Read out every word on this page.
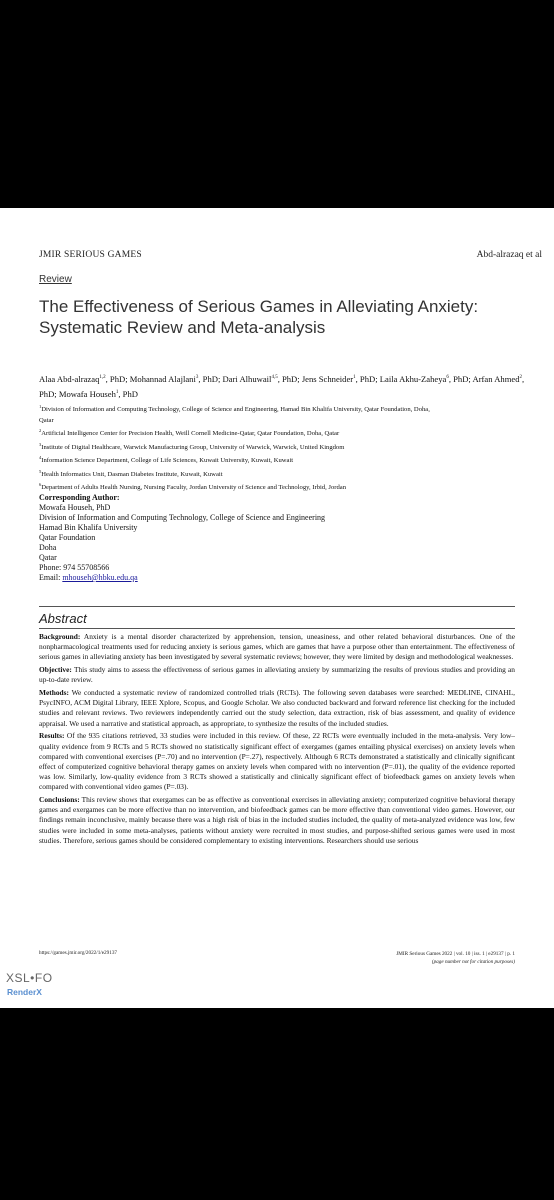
JMIR SERIOUS GAMES	Abd-alrazaq et al
Review
The Effectiveness of Serious Games in Alleviating Anxiety:
Systematic Review and Meta-analysis
Alaa Abd-alrazaq$^{1,2}$, PhD; Mohannad Alajlani$^3$, PhD; Dari Alhuwail$^{4,5}$, PhD; Jens Schneider$^1$, PhD; Laila Akhu-Zaheya$^6$, PhD; Arfan Ahmed$^2$, PhD; Mowafa Househ$^1$, PhD
$^1$Division of Information and Computing Technology, College of Science and Engineering, Hamad Bin Khalifa University, Qatar Foundation, Doha,
Qatar
$^2$Artificial Intelligence Center for Precision Health, Weill Cornell Medicine-Qatar, Qatar Foundation, Doha, Qatar
$^3$Institute of Digital Healthcare, Warwick Manufacturing Group, University of Warwick, Warwick, United Kingdom
$^4$Information Science Department, College of Life Sciences, Kuwait University, Kuwait, Kuwait
$^5$Health Informatics Unit, Dasman Diabetes Institute, Kuwait, Kuwait
$^6$Department of Adults Health Nursing, Nursing Faculty, Jordan University of Science and Technology, Irbid, Jordan
Corresponding Author:
Mowafa Househ, PhD
Division of Information and Computing Technology, College of Science and Engineering
Hamad Bin Khalifa University
Qatar Foundation
Doha
Qatar
Phone: 974 55708566
Email: mhouseh@hbku.edu.qa
Abstract

Background: Anxiety is a mental disorder characterized by apprehension, tension, uneasiness, and other related behavioral disturbances. One of the nonpharmacological treatments used for reducing anxiety is serious games, which are games that have a purpose other than entertainment. The effectiveness of serious games in alleviating anxiety has been investigated by several systematic reviews; however, they were limited by design and methodological weaknesses.

Objective: This study aims to assess the effectiveness of serious games in alleviating anxiety by summarizing the results of previous studies and providing an up-to-date review.

Methods: We conducted a systematic review of randomized controlled trials (RCTs). The following seven databases were searched: MEDLINE, CINAHL, PsycINFO, ACM Digital Library, IEEE Xplore, Scopus, and Google Scholar. We also conducted backward and forward reference list checking for the included studies and relevant reviews. Two reviewers independently carried out the study selection, data extraction, risk of bias assessment, and quality of evidence appraisal. We used a narrative and statistical approach, as appropriate, to synthesize the results of the included studies.

Results: Of the 935 citations retrieved, 33 studies were included in this review. Of these, 22 RCTs were eventually included in the meta-analysis. Very low–quality evidence from 9 RCTs and 5 RCTs showed no statistically significant effect of exergames (games entailing physical exercises) on anxiety levels when compared with conventional exercises (P=.70) and no intervention (P=.27), respectively. Although 6 RCTs demonstrated a statistically and clinically significant effect of computerized cognitive behavioral therapy games on anxiety levels when compared with no intervention (P=.01), the quality of the evidence reported was low. Similarly, low-quality evidence from 3 RCTs showed a statistically and clinically significant effect of biofeedback games on anxiety levels when compared with conventional video games (P=.03).

Conclusions: This review shows that exergames can be as effective as conventional exercises in alleviating anxiety; computerized cognitive behavioral therapy games and exergames can be more effective than no intervention, and biofeedback games can be more effective than conventional video games. However, our findings remain inconclusive, mainly because there was a high risk of bias in the included studies included, the quality of meta-analyzed evidence was low, few studies were included in some meta-analyses, patients without anxiety were recruited in most studies, and purpose-shifted serious games were used in most studies. Therefore, serious games should be considered complementary to existing interventions. Researchers should use serious

https://games.jmir.org/2022/1/e29137	JMIR Serious Games 2022 | vol. 10 | iss. 1 | e29137 | p. 1
(page number not for citation purposes)
XSL•FO
RenderX
